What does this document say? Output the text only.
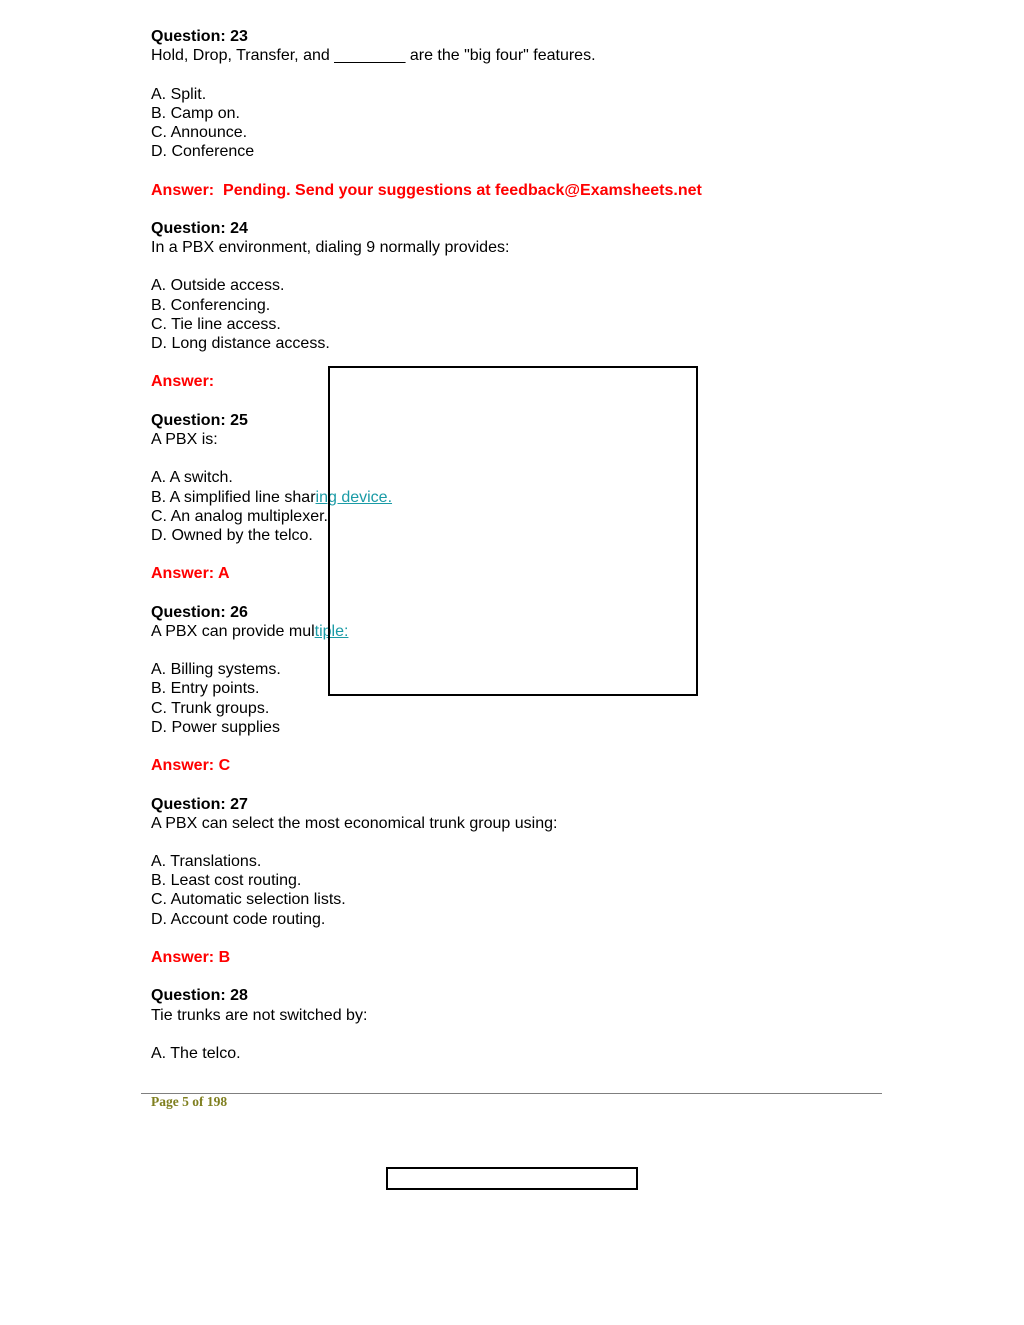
Question: 23
Hold, Drop, Transfer, and ________ are the "big four" features.
A. Split.
B. Camp on.
C. Announce.
D. Conference
Answer:  Pending. Send your suggestions at feedback@Examsheets.net
Question: 24
In a PBX environment, dialing 9 normally provides:
A. Outside access.
B. Conferencing.
C. Tie line access.
D. Long distance access.
Answer:
Question: 25
A PBX is:
A. A switch.
B. A simplified line sharing device.
C. An analog multiplexer.
D. Owned by the telco.
Answer: A
Question: 26
A PBX can provide multiple:
A. Billing systems.
B. Entry points.
C. Trunk groups.
D. Power supplies
Answer: C
Question: 27
A PBX can select the most economical trunk group using:
A. Translations.
B. Least cost routing.
C. Automatic selection lists.
D. Account code routing.
Answer: B
Question: 28
Tie trunks are not switched by:
A. The telco.
Page 5 of 198
